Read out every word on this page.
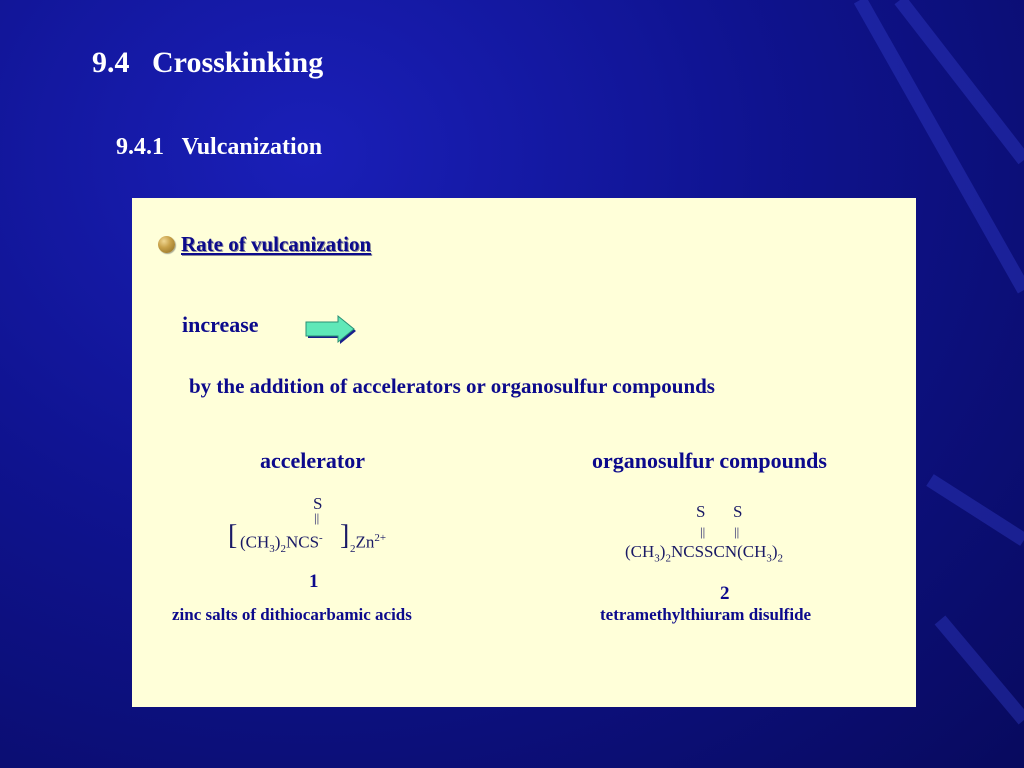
9.4   Crosskinking
9.4.1   Vulcanization
Rate of vulcanization
increase
by the addition of accelerators or organosulfur compounds
accelerator
S
||
[ $(CH_3)_2NCS^-$ ] $_2Zn^{2+}$
1
zinc salts of dithiocarbamic acids
organosulfur compounds
S S
|| ||
$(CH_3)_2NCSSCN(CH_3)_2$
2
tetramethylthiuram disulfide
